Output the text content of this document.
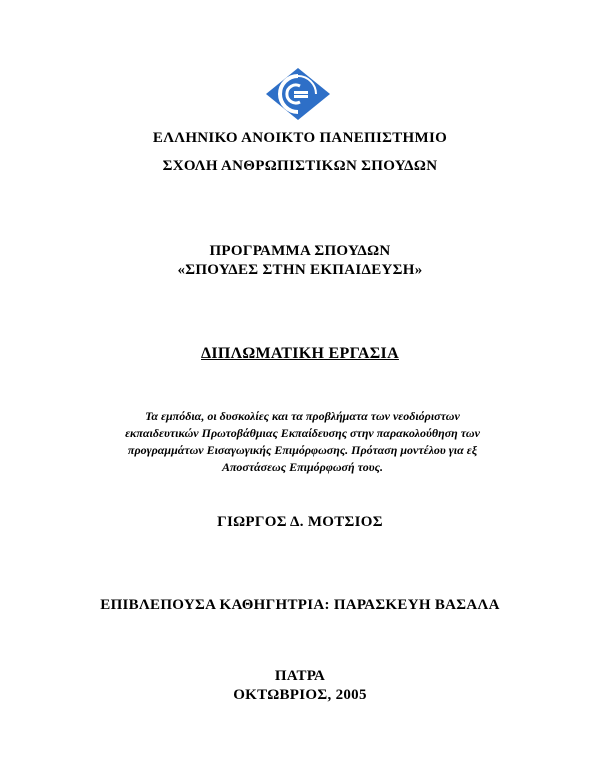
ΕΛΛΗΝΙΚΟ ΑΝΟΙΚΤΟ ΠΑΝΕΠΙΣΤΗΜΙΟ
ΣΧΟΛΗ ΑΝΘΡΩΠΙΣΤΙΚΩΝ ΣΠΟΥΔΩΝ
ΠΡΟΓΡΑΜΜΑ ΣΠΟΥΔΩΝ
«ΣΠΟΥΔΕΣ ΣΤΗΝ ΕΚΠΑΙΔΕΥΣΗ»
ΔΙΠΛΩΜΑΤΙΚΗ ΕΡΓΑΣΙΑ
Τα εμπόδια, οι δυσκολίες και τα προβλήματα των νεοδιόριστων
εκπαιδευτικών Πρωτοβάθμιας Εκπαίδευσης στην παρακολούθηση των
προγραμμάτων Εισαγωγικής Επιμόρφωσης. Πρόταση μοντέλου για εξ
Αποστάσεως Επιμόρφωσή τους.
ΓΙΩΡΓΟΣ Δ. ΜΟΤΣΙΟΣ
ΕΠΙΒΛΕΠΟΥΣΑ ΚΑΘΗΓΗΤΡΙΑ: ΠΑΡΑΣΚΕΥΗ ΒΑΣΑΛΑ
ΠΑΤΡΑ
ΟΚΤΩΒΡΙΟΣ, 2005
